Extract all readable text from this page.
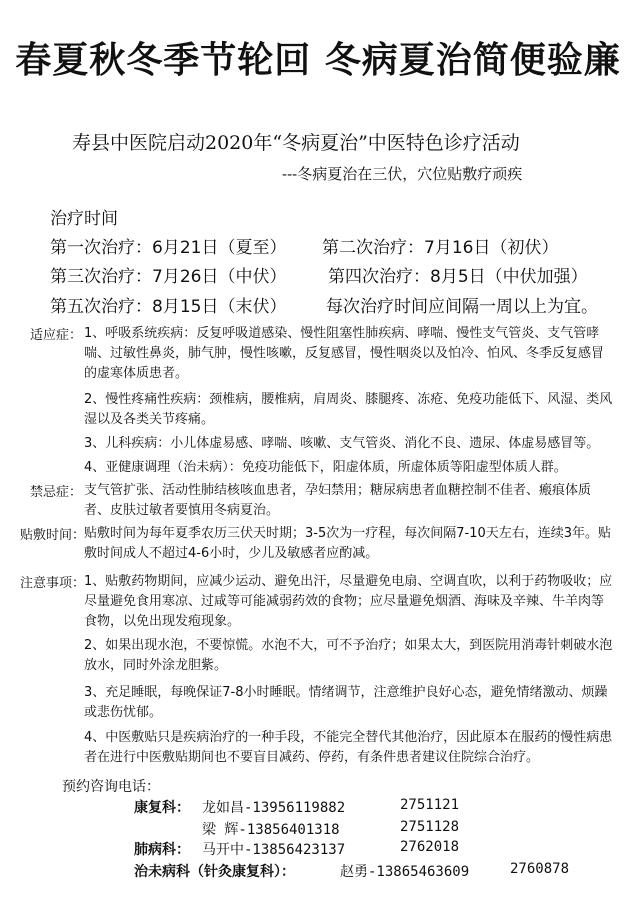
春夏秋冬季节轮回 冬病夏治简便验廉
寿县中医院启动2020年“冬病夏治”中医特色诊疗活动
---冬病夏治在三伏，穴位贴敷疗顽疾
治疗时间
第一次治疗：6月21日（夏至） 第二次治疗：7月16日（初伏）
第三次治疗：7月26日（中伏） 第四次治疗：8月5日（中伏加强）
第五次治疗：8月15日（末伏） 每次治疗时间应间隔一周以上为宜。
适应症： 1、呼吸系统疾病：反复呼吸道感染、慢性阻塞性肺疾病、哮喘、慢性支气管炎、支气管哮喘、过敏性鼻炎，肺气肿，慢性咳嗽，反复感冒，慢性咽炎以及怕冷、怕风、冬季反复感冒的虚寒体质患者。
2、慢性疼痛性疾病：颈椎病，腰椎病，肩周炎、膝腿疼、冻疮、免疫功能低下、风湿、类风湿以及各类关节疼痛。
3、儿科疾病：小儿体虚易感、哮喘、咳嗽、支气管炎、消化不良、遗尿、体虚易感冒等。
4、亚健康调理（治未病）：免疫功能低下，阳虚体质，所虚体质等阳虚型体质人群。
禁忌症： 支气管扩张、活动性肺结核咳血患者，孕妇禁用；糖尿病患者血糖控制不佳者、瘢痕体质者、皮肤过敏者要慎用冬病夏治。
贴敷时间：
贴敷时间为每年夏季农历三伏天时期；3-5次为一疗程，每次间隔7-10天左右，连续3年。贴敷时间成人不超过4-6小时，少儿及敏感者应酌减。
注意事项：
1、贴敷药物期间，应减少运动、避免出汗，尽量避免电扇、空调直吹，以利于药物吸收；应尽量避免食用寒凉、过咸等可能减弱药效的食物；应尽量避免烟酒、海味及辛辣、牛羊肉等食物，以免出现发疱现象。
2、如果出现水泡，不要惊慌。水泡不大，可不予治疗；如果太大，到医院用消毒针刺破水泡放水，同时外涂龙胆紫。
3、充足睡眠，每晚保证7-8小时睡眠。情绪调节，注意维护良好心态，避免情绪激动、烦躁或悲伤忧郁。
4、中医敷贴只是疾病治疗的一种手段，不能完全替代其他治疗，因此原本在服药的慢性病患者在进行中医敷贴期间也不要盲目减药、停药，有条件患者建议住院综合治疗。
预约咨询电话：
康复科： 龙如昌-13956119882	2751121
梁 辉-13856401318	2751128
肺病科： 马开中-13856423137	2762018
治未病科（针灸康复科）：	赵勇-13865463609	2760878
